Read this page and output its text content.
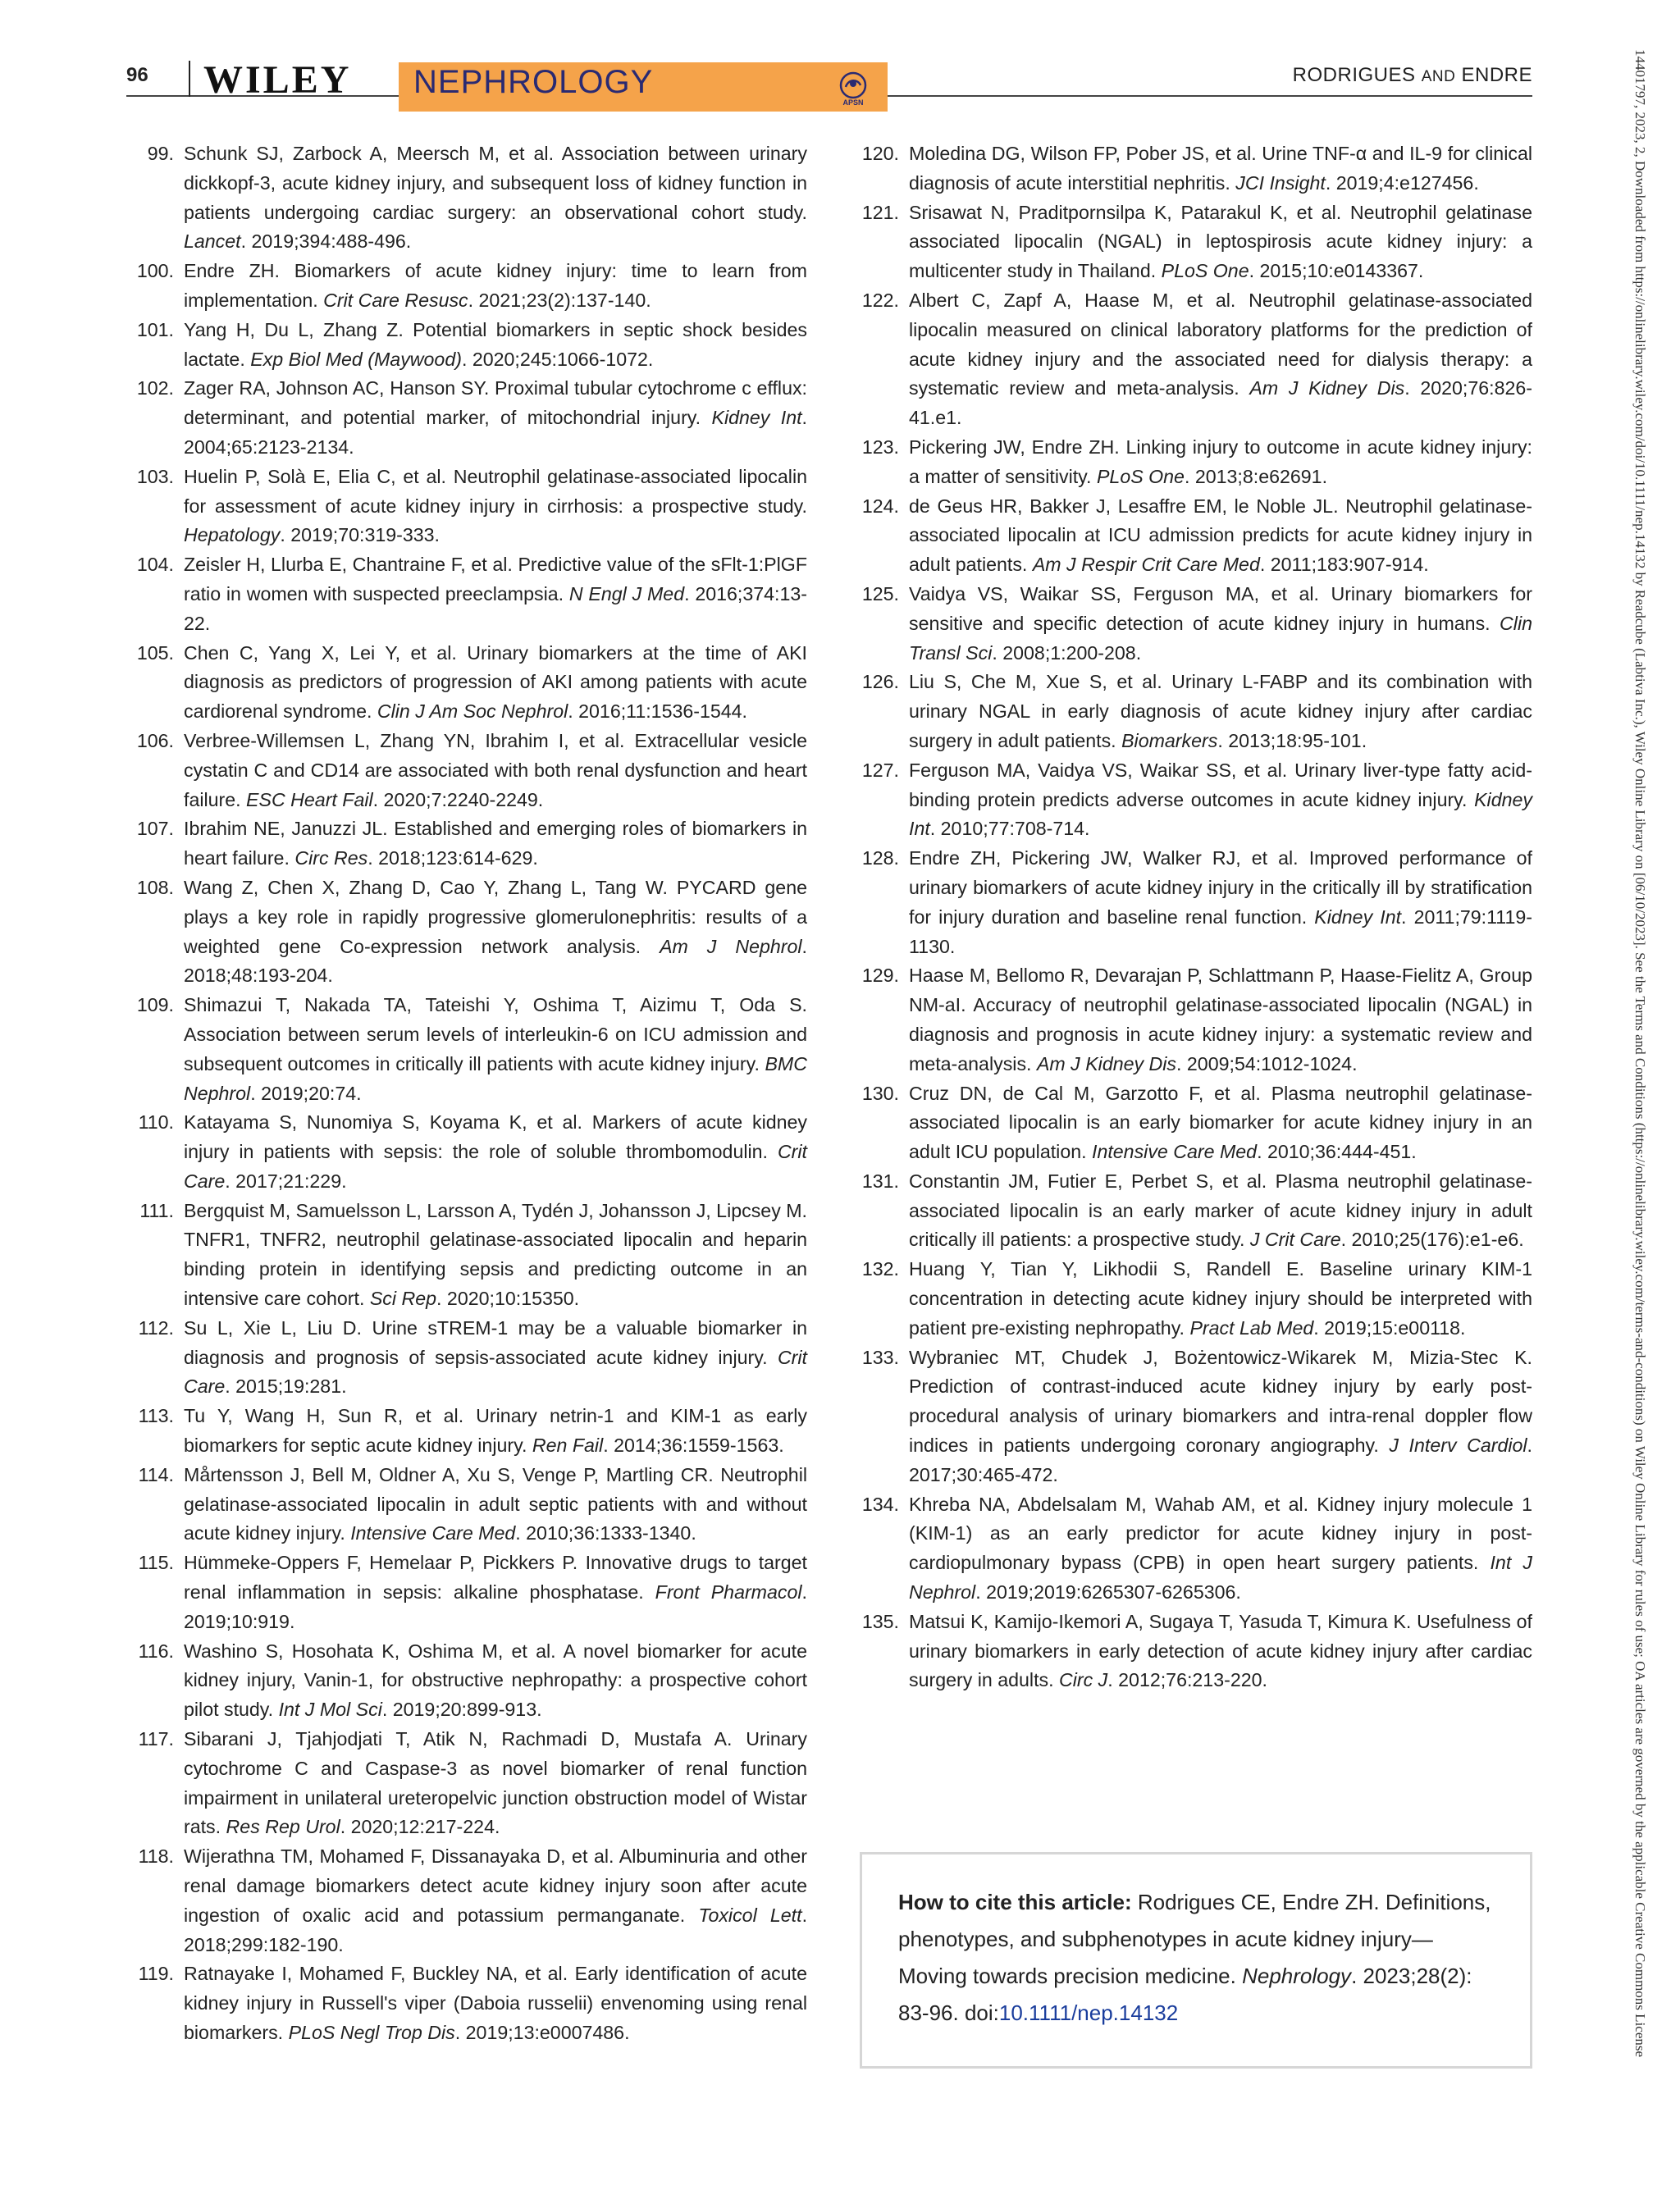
96 WILEY NEPHROLOGY
APSN
RODRIGUES AND ENDRE	14401797, 2023, 2, Downloaded from https://onlinelibrary.wiley.com/doi/10.1111/nep.14132 by Readcube (Labtiva Inc.), Wiley Online Library on [06/10/2023]. See the Terms and Conditions (https://onlinelibrary.wiley.com/terms-and-conditions) on Wiley Online Library for rules of use; OA articles are governed by the applicable Creative Commons License
99. Schunk SJ, Zarbock A, Meersch M, et al. Association between urinary dickkopf-3, acute kidney injury, and subsequent loss of kidney function in patients undergoing cardiac surgery: an observational cohort study. Lancet. 2019;394:488-496.
100. Endre ZH. Biomarkers of acute kidney injury: time to learn from implementation. Crit Care Resusc. 2021;23(2):137-140.
101. Yang H, Du L, Zhang Z. Potential biomarkers in septic shock besides lactate. Exp Biol Med (Maywood). 2020;245:1066-1072.
102. Zager RA, Johnson AC, Hanson SY. Proximal tubular cytochrome c efflux: determinant, and potential marker, of mitochondrial injury. Kidney Int. 2004;65:2123-2134.
103. Huelin P, Solà E, Elia C, et al. Neutrophil gelatinase-associated lipocalin for assessment of acute kidney injury in cirrhosis: a prospective study. Hepatology. 2019;70:319-333.
104. Zeisler H, Llurba E, Chantraine F, et al. Predictive value of the sFlt-1:PlGF ratio in women with suspected preeclampsia. N Engl J Med. 2016;374:13-22.
105. Chen C, Yang X, Lei Y, et al. Urinary biomarkers at the time of AKI diagnosis as predictors of progression of AKI among patients with acute cardiorenal syndrome. Clin J Am Soc Nephrol. 2016;11:1536-1544.
106. Verbree-Willemsen L, Zhang YN, Ibrahim I, et al. Extracellular vesicle cystatin C and CD14 are associated with both renal dysfunction and heart failure. ESC Heart Fail. 2020;7:2240-2249.
107. Ibrahim NE, Januzzi JL. Established and emerging roles of biomarkers in heart failure. Circ Res. 2018;123:614-629.
108. Wang Z, Chen X, Zhang D, Cao Y, Zhang L, Tang W. PYCARD gene plays a key role in rapidly progressive glomerulonephritis: results of a weighted gene Co-expression network analysis. Am J Nephrol. 2018;48:193-204.
109. Shimazui T, Nakada TA, Tateishi Y, Oshima T, Aizimu T, Oda S. Association between serum levels of interleukin-6 on ICU admission and subsequent outcomes in critically ill patients with acute kidney injury. BMC Nephrol. 2019;20:74.
110. Katayama S, Nunomiya S, Koyama K, et al. Markers of acute kidney injury in patients with sepsis: the role of soluble thrombomodulin. Crit Care. 2017;21:229.
111. Bergquist M, Samuelsson L, Larsson A, Tydén J, Johansson J, Lipcsey M. TNFR1, TNFR2, neutrophil gelatinase-associated lipocalin and heparin binding protein in identifying sepsis and predicting outcome in an intensive care cohort. Sci Rep. 2020;10:15350.
112. Su L, Xie L, Liu D. Urine sTREM-1 may be a valuable biomarker in diagnosis and prognosis of sepsis-associated acute kidney injury. Crit Care. 2015;19:281.
113. Tu Y, Wang H, Sun R, et al. Urinary netrin-1 and KIM-1 as early biomarkers for septic acute kidney injury. Ren Fail. 2014;36:1559-1563.
114. Mårtensson J, Bell M, Oldner A, Xu S, Venge P, Martling CR. Neutrophil gelatinase-associated lipocalin in adult septic patients with and without acute kidney injury. Intensive Care Med. 2010;36:1333-1340.
115. Hümmeke-Oppers F, Hemelaar P, Pickkers P. Innovative drugs to target renal inflammation in sepsis: alkaline phosphatase. Front Pharmacol. 2019;10:919.
116. Washino S, Hosohata K, Oshima M, et al. A novel biomarker for acute kidney injury, Vanin-1, for obstructive nephropathy: a prospective cohort pilot study. Int J Mol Sci. 2019;20:899-913.
117. Sibarani J, Tjahjodjati T, Atik N, Rachmadi D, Mustafa A. Urinary cytochrome C and Caspase-3 as novel biomarker of renal function impairment in unilateral ureteropelvic junction obstruction model of Wistar rats. Res Rep Urol. 2020;12:217-224.
118. Wijerathna TM, Mohamed F, Dissanayaka D, et al. Albuminuria and other renal damage biomarkers detect acute kidney injury soon after acute ingestion of oxalic acid and potassium permanganate. Toxicol Lett. 2018;299:182-190.
119. Ratnayake I, Mohamed F, Buckley NA, et al. Early identification of acute kidney injury in Russell's viper (Daboia russelii) envenoming using renal biomarkers. PLoS Negl Trop Dis. 2019;13:e0007486.
120. Moledina DG, Wilson FP, Pober JS, et al. Urine TNF-α and IL-9 for clinical diagnosis of acute interstitial nephritis. JCI Insight. 2019;4:e127456.
121. Srisawat N, Praditpornsilpa K, Patarakul K, et al. Neutrophil gelatinase associated lipocalin (NGAL) in leptospirosis acute kidney injury: a multicenter study in Thailand. PLoS One. 2015;10:e0143367.
122. Albert C, Zapf A, Haase M, et al. Neutrophil gelatinase-associated lipocalin measured on clinical laboratory platforms for the prediction of acute kidney injury and the associated need for dialysis therapy: a systematic review and meta-analysis. Am J Kidney Dis. 2020;76:826-41.e1.
123. Pickering JW, Endre ZH. Linking injury to outcome in acute kidney injury: a matter of sensitivity. PLoS One. 2013;8:e62691.
124. de Geus HR, Bakker J, Lesaffre EM, le Noble JL. Neutrophil gelatinase-associated lipocalin at ICU admission predicts for acute kidney injury in adult patients. Am J Respir Crit Care Med. 2011;183:907-914.
125. Vaidya VS, Waikar SS, Ferguson MA, et al. Urinary biomarkers for sensitive and specific detection of acute kidney injury in humans. Clin Transl Sci. 2008;1:200-208.
126. Liu S, Che M, Xue S, et al. Urinary L-FABP and its combination with urinary NGAL in early diagnosis of acute kidney injury after cardiac surgery in adult patients. Biomarkers. 2013;18:95-101.
127. Ferguson MA, Vaidya VS, Waikar SS, et al. Urinary liver-type fatty acid-binding protein predicts adverse outcomes in acute kidney injury. Kidney Int. 2010;77:708-714.
128. Endre ZH, Pickering JW, Walker RJ, et al. Improved performance of urinary biomarkers of acute kidney injury in the critically ill by stratification for injury duration and baseline renal function. Kidney Int. 2011;79:1119-1130.
129. Haase M, Bellomo R, Devarajan P, Schlattmann P, Haase-Fielitz A, Group NM-aI. Accuracy of neutrophil gelatinase-associated lipocalin (NGAL) in diagnosis and prognosis in acute kidney injury: a systematic review and meta-analysis. Am J Kidney Dis. 2009;54:1012-1024.
130. Cruz DN, de Cal M, Garzotto F, et al. Plasma neutrophil gelatinase-associated lipocalin is an early biomarker for acute kidney injury in an adult ICU population. Intensive Care Med. 2010;36:444-451.
131. Constantin JM, Futier E, Perbet S, et al. Plasma neutrophil gelatinase-associated lipocalin is an early marker of acute kidney injury in adult critically ill patients: a prospective study. J Crit Care. 2010;25(176):e1-e6.
132. Huang Y, Tian Y, Likhodii S, Randell E. Baseline urinary KIM-1 concentration in detecting acute kidney injury should be interpreted with patient pre-existing nephropathy. Pract Lab Med. 2019;15:e00118.
133. Wybraniec MT, Chudek J, Bożentowicz-Wikarek M, Mizia-Stec K. Prediction of contrast-induced acute kidney injury by early post-procedural analysis of urinary biomarkers and intra-renal doppler flow indices in patients undergoing coronary angiography. J Interv Cardiol. 2017;30:465-472.
134. Khreba NA, Abdelsalam M, Wahab AM, et al. Kidney injury molecule 1 (KIM-1) as an early predictor for acute kidney injury in post-cardiopulmonary bypass (CPB) in open heart surgery patients. Int J Nephrol. 2019;2019:6265307-6265306.
135. Matsui K, Kamijo-Ikemori A, Sugaya T, Yasuda T, Kimura K. Usefulness of urinary biomarkers in early detection of acute kidney injury after cardiac surgery in adults. Circ J. 2012;76:213-220.
How to cite this article: Rodrigues CE, Endre ZH. Definitions, phenotypes, and subphenotypes in acute kidney injury—Moving towards precision medicine. Nephrology. 2023;28(2): 83-96. doi:10.1111/nep.14132
